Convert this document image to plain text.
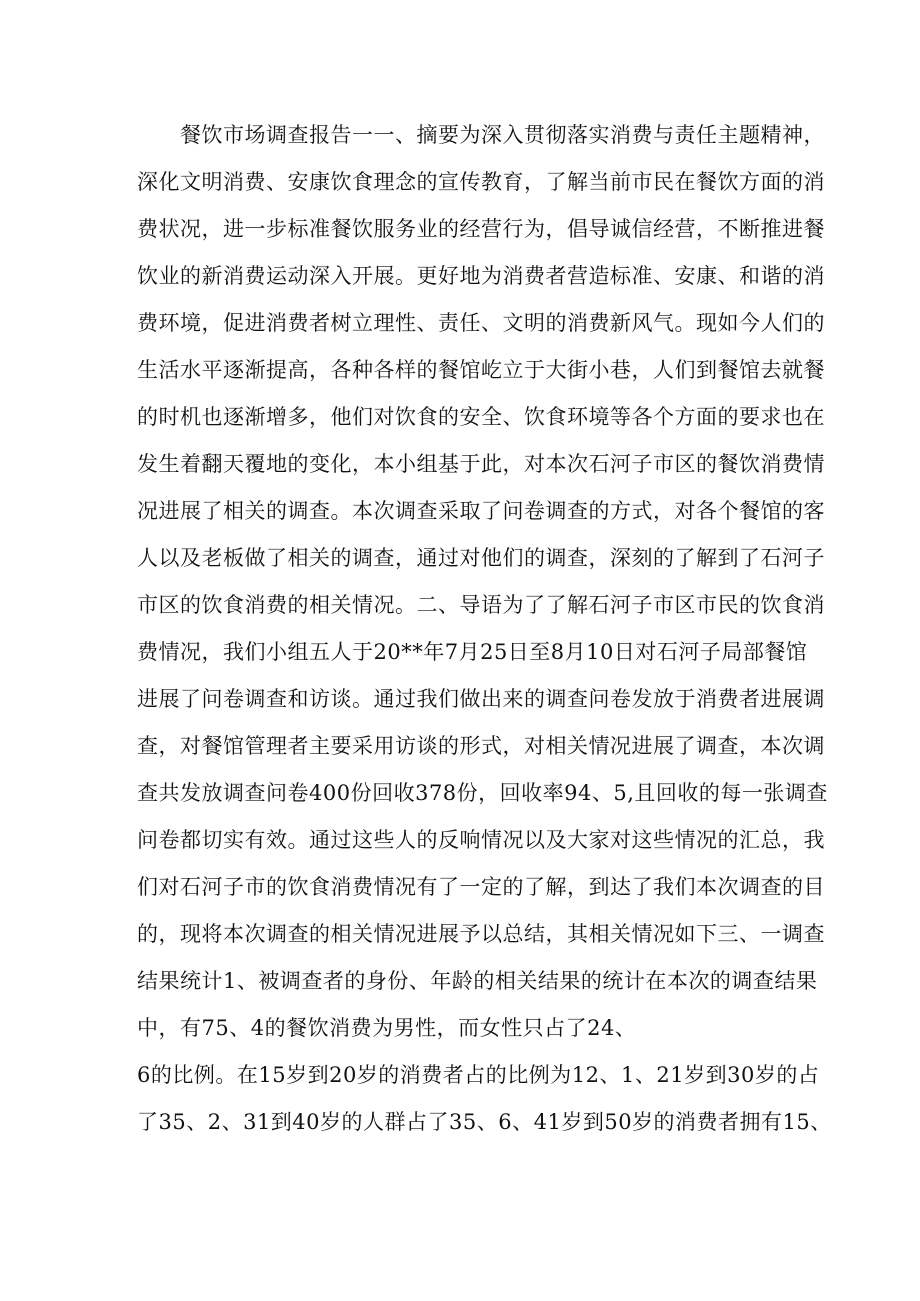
餐饮市场调查报告一一、摘要为深入贯彻落实消费与责任主题精神，
深化文明消费、安康饮食理念的宣传教育，了解当前市民在餐饮方面的消
费状况，进一步标准餐饮服务业的经营行为，倡导诚信经营，不断推进餐
饮业的新消费运动深入开展。更好地为消费者营造标准、安康、和谐的消
费环境，促进消费者树立理性、责任、文明的消费新风气。现如今人们的
生活水平逐渐提高，各种各样的餐馆屹立于大街小巷，人们到餐馆去就餐
的时机也逐渐增多，他们对饮食的安全、饮食环境等各个方面的要求也在
发生着翻天覆地的变化，本小组基于此，对本次石河子市区的餐饮消费情
况进展了相关的调查。本次调查采取了问卷调查的方式，对各个餐馆的客
人以及老板做了相关的调查，通过对他们的调查，深刻的了解到了石河子
市区的饮食消费的相关情况。二、导语为了了解石河子市区市民的饮食消
费情况，我们小组五人于20**年7月25日至8月10日对石河子局部餐馆
进展了问卷调查和访谈。通过我们做出来的调查问卷发放于消费者进展调
查，对餐馆管理者主要采用访谈的形式，对相关情况进展了调查，本次调
查共发放调查问卷400份回收378份，回收率94、5,且回收的每一张调查
问卷都切实有效。通过这些人的反响情况以及大家对这些情况的汇总，我
们对石河子市的饮食消费情况有了一定的了解，到达了我们本次调查的目
的，现将本次调查的相关情况进展予以总结，其相关情况如下三、一调查
结果统计1、被调查者的身份、年龄的相关结果的统计在本次的调查结果
中，有75、4的餐饮消费为男性，而女性只占了24、
6的比例。在15岁到20岁的消费者占的比例为12、1、21岁到30岁的占
了35、2、31到40岁的人群占了35、6、41岁到50岁的消费者拥有15、
